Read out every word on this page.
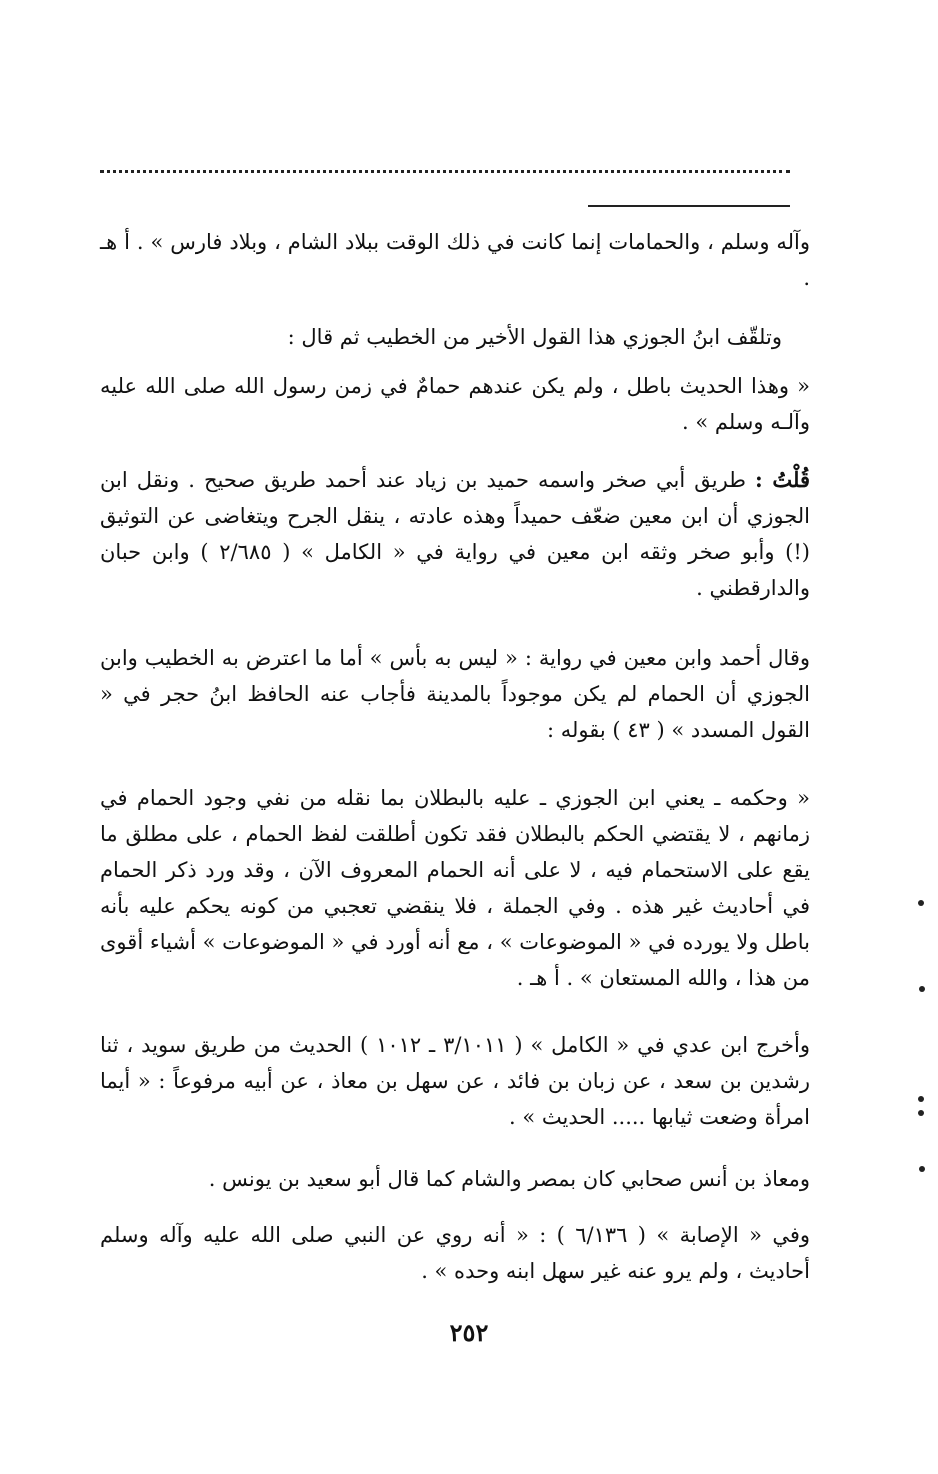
وآله وسلم ، والحمامات إنما كانت في ذلك الوقت ببلاد الشام ، وبلاد فارس » . أ هـ .

وتلقّف ابنُ الجوزي هذا القول الأخير من الخطيب ثم قال :

« وهذا الحديث باطل ، ولم يكن عندهم حمامٌ في زمن رسول الله صلى الله عليه وآلـه وسلم » .

قُلْتُ : طريق أبي صخر واسمه حميد بن زياد عند أحمد طريق صحيح . ونقل ابن الجوزي أن ابن معين ضعّف حميداً وهذه عادته ، ينقل الجرح ويتغاضى عن التوثيق (!) وأبو صخر وثقه ابن معين في رواية في « الكامل » ( ٢/٦٨٥ ) وابن حبان والدارقطني .

وقال أحمد وابن معين في رواية : « ليس به بأس » أما ما اعترض به الخطيب وابن الجوزي أن الحمام لم يكن موجوداً بالمدينة فأجاب عنه الحافظ ابنُ حجر في « القول المسدد » ( ٤٣ ) بقوله :

« وحكمه ـ يعني ابن الجوزي ـ عليه بالبطلان بما نقله من نفي وجود الحمام في زمانهم ، لا يقتضي الحكم بالبطلان فقد تكون أطلقت لفظ الحمام ، على مطلق ما يقع على الاستحمام فيه ، لا على أنه الحمام المعروف الآن ، وقد ورد ذكر الحمام في أحاديث غير هذه . وفي الجملة ، فلا ينقضي تعجبي من كونه يحكم عليه بأنه باطل ولا يورده في « الموضوعات » ، مع أنه أورد في « الموضوعات » أشياء أقوى من هذا ، والله المستعان » . أ هـ .

وأخرج ابن عدي في « الكامل » ( ٣/١٠١١ ـ ١٠١٢ ) الحديث من طريق سويد ، ثنا رشدين بن سعد ، عن زبان بن فائد ، عن سهل بن معاذ ، عن أبيه مرفوعاً : « أيما امرأة وضعت ثيابها ..... الحديث » .

ومعاذ بن أنس صحابي كان بمصر والشام كما قال أبو سعيد بن يونس .

وفي « الإصابة » ( ٦/١٣٦ ) : « أنه روي عن النبي صلى الله عليه وآله وسلم أحاديث ، ولم يرو عنه غير سهل ابنه وحده » .

٢٥٢
